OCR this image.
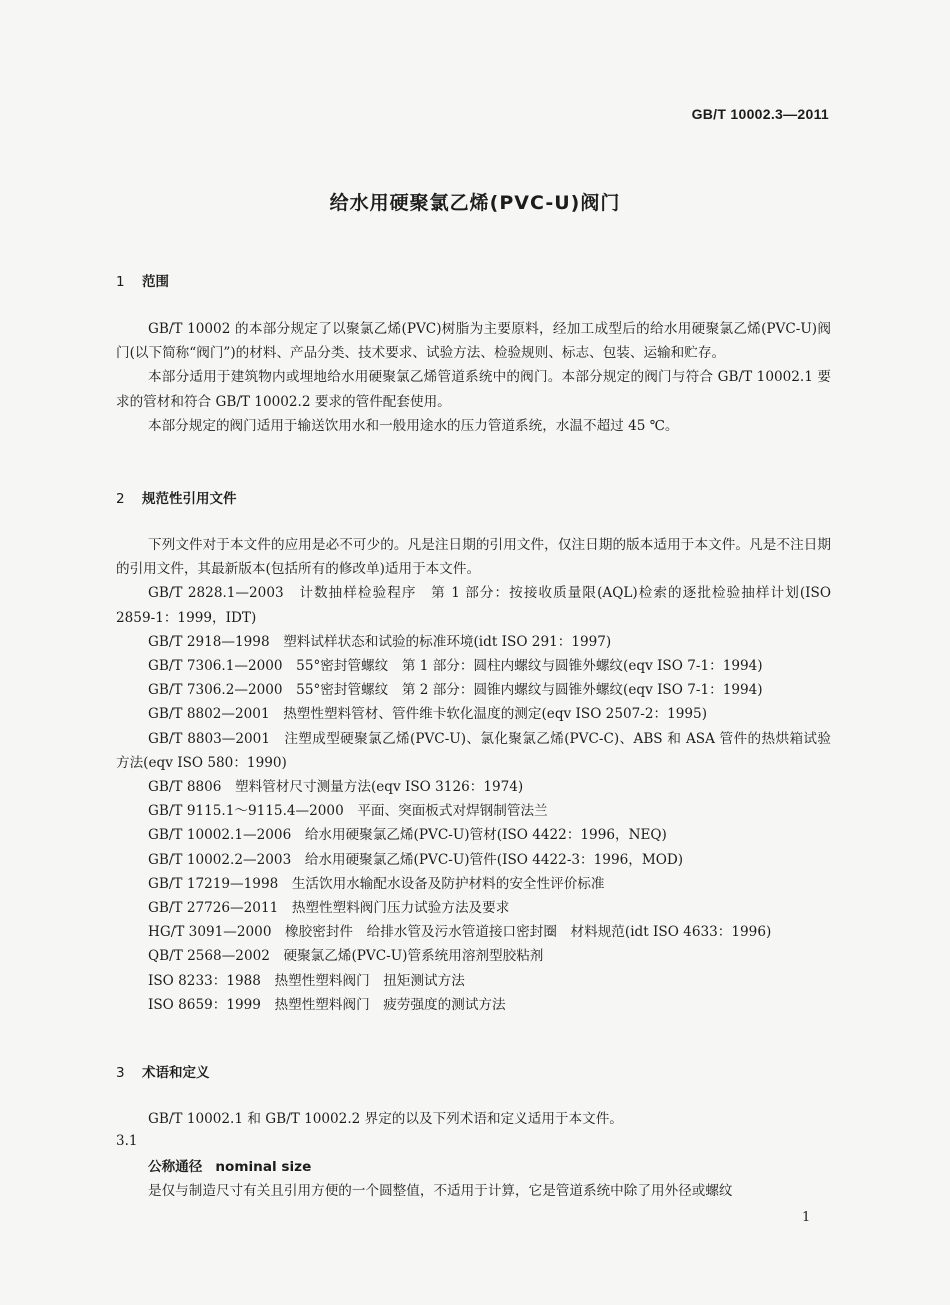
GB/T 10002.3—2011
给水用硬聚氯乙烯(PVC-U)阀门
1 范围

GB/T 10002 的本部分规定了以聚氯乙烯(PVC)树脂为主要原料，经加工成型后的给水用硬聚氯乙烯(PVC-U)阀门(以下简称“阀门”)的材料、产品分类、技术要求、试验方法、检验规则、标志、包装、运输和贮存。

本部分适用于建筑物内或埋地给水用硬聚氯乙烯管道系统中的阀门。本部分规定的阀门与符合 GB/T 10002.1 要求的管材和符合 GB/T 10002.2 要求的管件配套使用。

本部分规定的阀门适用于输送饮用水和一般用途水的压力管道系统，水温不超过 45 ℃。

2 规范性引用文件

下列文件对于本文件的应用是必不可少的。凡是注日期的引用文件，仅注日期的版本适用于本文件。凡是不注日期的引用文件，其最新版本(包括所有的修改单)适用于本文件。

GB/T 2828.1—2003　计数抽样检验程序　第 1 部分：按接收质量限(AQL)检索的逐批检验抽样计划(ISO 2859-1：1999，IDT)

GB/T 2918—1998　塑料试样状态和试验的标准环境(idt ISO 291：1997)

GB/T 7306.1—2000　55°密封管螺纹　第 1 部分：圆柱内螺纹与圆锥外螺纹(eqv ISO 7-1：1994)

GB/T 7306.2—2000　55°密封管螺纹　第 2 部分：圆锥内螺纹与圆锥外螺纹(eqv ISO 7-1：1994)

GB/T 8802—2001　热塑性塑料管材、管件维卡软化温度的测定(eqv ISO 2507-2：1995)

GB/T 8803—2001　注塑成型硬聚氯乙烯(PVC-U)、氯化聚氯乙烯(PVC-C)、ABS 和 ASA 管件的热烘箱试验方法(eqv ISO 580：1990)

GB/T 8806　塑料管材尺寸测量方法(eqv ISO 3126：1974)

GB/T 9115.1～9115.4—2000　平面、突面板式对焊钢制管法兰

GB/T 10002.1—2006　给水用硬聚氯乙烯(PVC-U)管材(ISO 4422：1996，NEQ)

GB/T 10002.2—2003　给水用硬聚氯乙烯(PVC-U)管件(ISO 4422-3：1996，MOD)

GB/T 17219—1998　生活饮用水输配水设备及防护材料的安全性评价标准

GB/T 27726—2011　热塑性塑料阀门压力试验方法及要求

HG/T 3091—2000　橡胶密封件　给排水管及污水管道接口密封圈　材料规范(idt ISO 4633：1996)

QB/T 2568—2002　硬聚氯乙烯(PVC-U)管系统用溶剂型胶粘剂

ISO 8233：1988　热塑性塑料阀门　扭矩测试方法

ISO 8659：1999　热塑性塑料阀门　疲劳强度的测试方法

3 术语和定义

GB/T 10002.1 和 GB/T 10002.2 界定的以及下列术语和定义适用于本文件。

3.1

公称通径 nominal size

是仅与制造尺寸有关且引用方便的一个圆整值，不适用于计算，它是管道系统中除了用外径或螺纹

1
